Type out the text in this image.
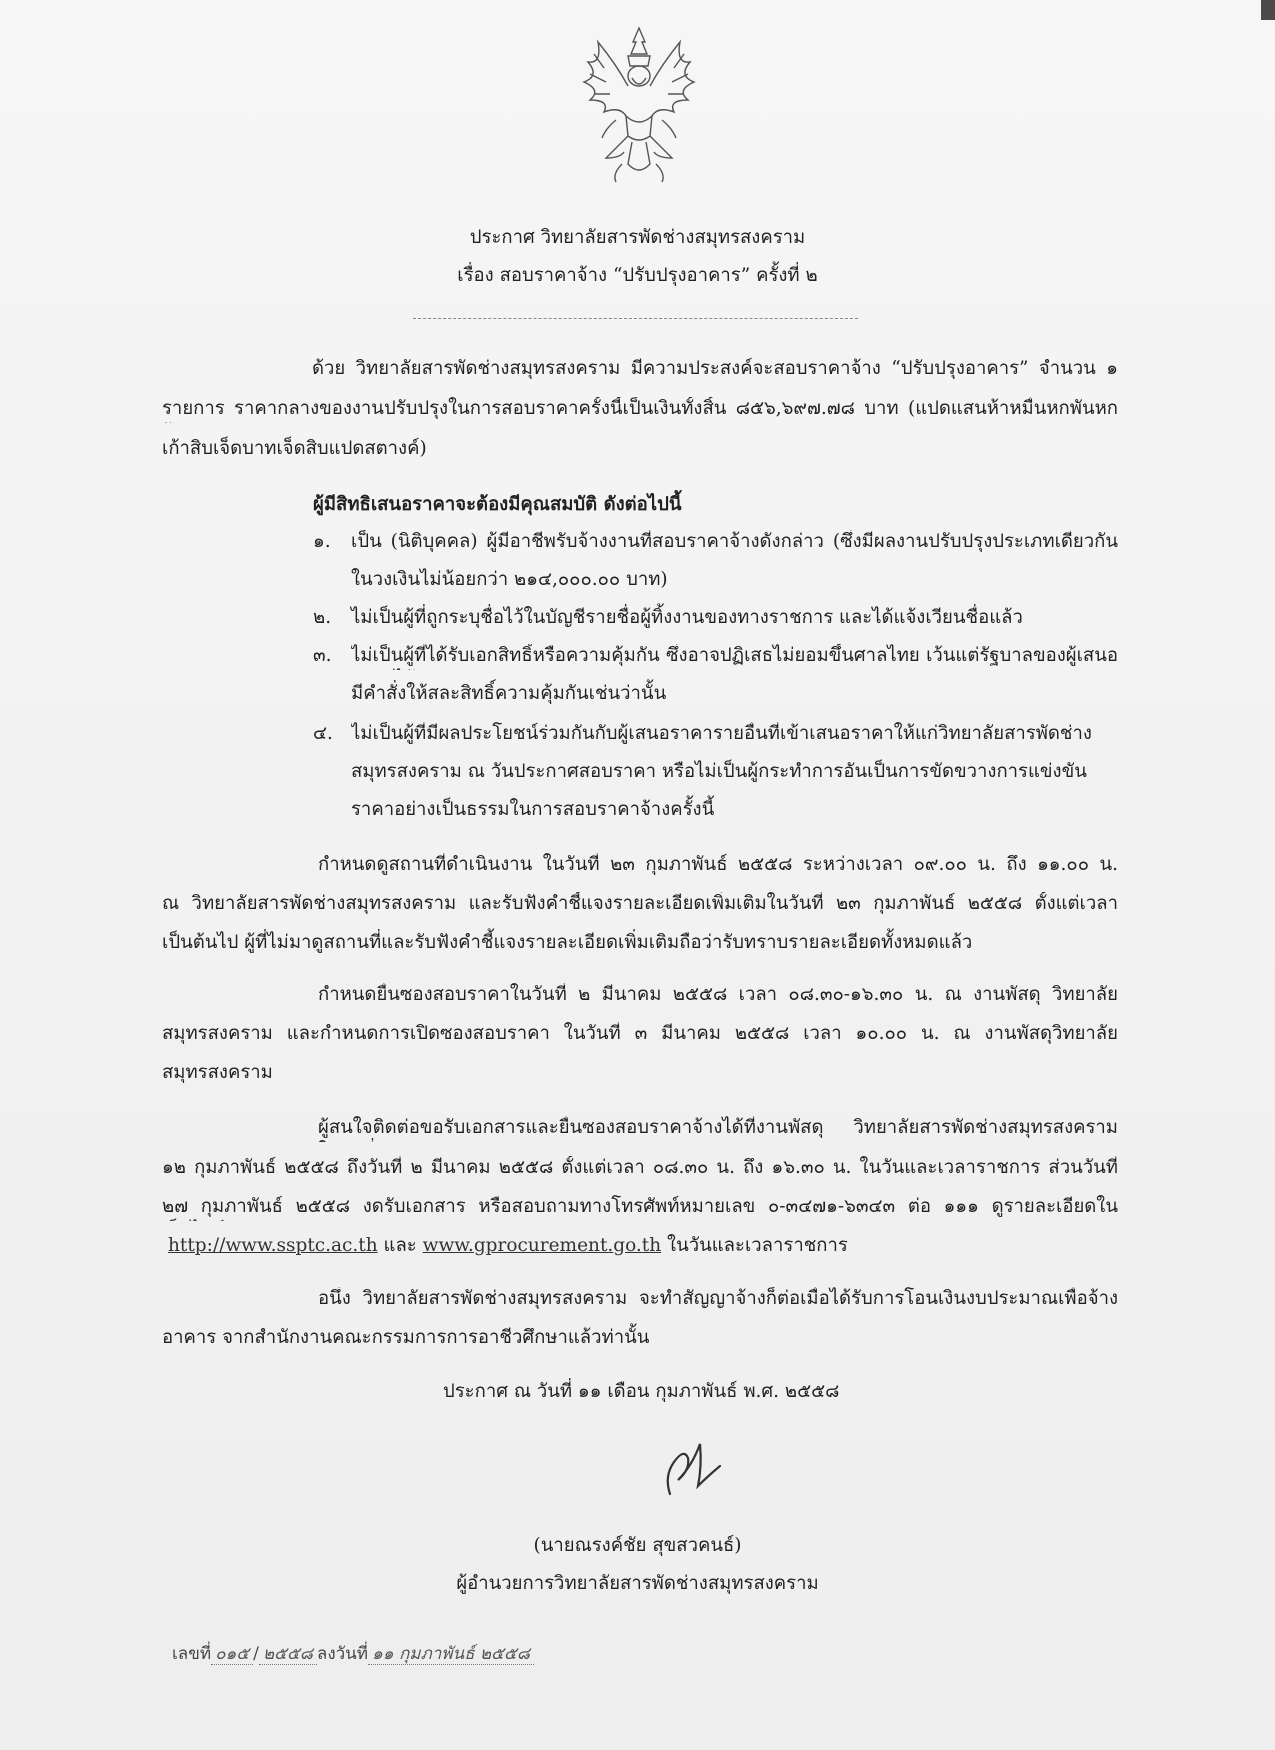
ประกาศ วิทยาลัยสารพัดช่างสมุทรสงคราม
เรื่อง สอบราคาจ้าง “ปรับปรุงอาคาร” ครั้งที่ ๒
ด้วย วิทยาลัยสารพัดช่างสมุทรสงคราม มีความประสงค์จะสอบราคาจ้าง “ปรับปรุงอาคาร” จำนวน ๑
รายการ ราคากลางของงานปรับปรุงในการสอบราคาครั้งนี้เป็นเงินทั้งสิ้น ๘๕๖,๖๙๗.๗๘ บาท (แปดแสนห้าหมื่นหกพันหก
เก้าสิบเจ็ดบาทเจ็ดสิบแปดสตางค์)
ผู้มีสิทธิเสนอราคาจะต้องมีคุณสมบัติ ดังต่อไปนี้
๑. เป็น (นิติบุคคล) ผู้มีอาชีพรับจ้างงานที่สอบราคาจ้างดังกล่าว (ซึ่งมีผลงานปรับปรุงประเภทเดียวกัน
ในวงเงินไม่น้อยกว่า ๒๑๔,๐๐๐.๐๐ บาท)
๒. ไม่เป็นผู้ที่ถูกระบุชื่อไว้ในบัญชีรายชื่อผู้ทิ้งงานของทางราชการ และได้แจ้งเวียนชื่อแล้ว
๓. ไม่เป็นผู้ที่ได้รับเอกสิทธิ์หรือความคุ้มกัน ซึ่งอาจปฏิเสธไม่ยอมขึ้นศาลไทย เว้นแต่รัฐบาลของผู้เสนอ
มีคำสั่งให้สละสิทธิ์ความคุ้มกันเช่นว่านั้น
๔. ไม่เป็นผู้ที่มีผลประโยชน์ร่วมกันกับผู้เสนอราคารายอื่นที่เข้าเสนอราคาให้แก่วิทยาลัยสารพัดช่าง
สมุทรสงคราม ณ วันประกาศสอบราคา หรือไม่เป็นผู้กระทำการอันเป็นการขัดขวางการแข่งขัน
ราคาอย่างเป็นธรรมในการสอบราคาจ้างครั้งนี้
กำหนดดูสถานที่ดำเนินงาน ในวันที่ ๒๓ กุมภาพันธ์ ๒๕๕๘ ระหว่างเวลา ๐๙.๐๐ น. ถึง ๑๑.๐๐ น.
ณ วิทยาลัยสารพัดช่างสมุทรสงคราม และรับฟังคำชี้แจงรายละเอียดเพิ่มเติมในวันที่ ๒๓ กุมภาพันธ์ ๒๕๕๘ ตั้งแต่เวลา
เป็นต้นไป ผู้ที่ไม่มาดูสถานที่และรับฟังคำชี้แจงรายละเอียดเพิ่มเติมถือว่ารับทราบรายละเอียดทั้งหมดแล้ว
กำหนดยื่นซองสอบราคาในวันที่ ๒ มีนาคม ๒๕๕๘ เวลา ๐๘.๓๐-๑๖.๓๐ น. ณ งานพัสดุ วิทยาลัย
สมุทรสงคราม และกำหนดการเปิดซองสอบราคา ในวันที่ ๓ มีนาคม ๒๕๕๘ เวลา ๑๐.๐๐ น. ณ งานพัสดุวิทยาลัย
สมุทรสงคราม
ผู้สนใจติดต่อขอรับเอกสารและยื่นซองสอบราคาจ้างได้ที่งานพัสดุ วิทยาลัยสารพัดช่างสมุทรสงคราม
๑๒ กุมภาพันธ์ ๒๕๕๘ ถึงวันที่ ๒ มีนาคม ๒๕๕๘ ตั้งแต่เวลา ๐๘.๓๐ น. ถึง ๑๖.๓๐ น. ในวันและเวลาราชการ ส่วนวันที่
๒๗ กุมภาพันธ์ ๒๕๕๘ งดรับเอกสาร หรือสอบถามทางโทรศัพท์หมายเลข ๐-๓๔๗๑-๖๓๔๓ ต่อ ๑๑๑ ดูรายละเอียดใน
http://www.ssptc.ac.th และ www.gprocurement.go.th ในวันและเวลาราชการ
อนึ่ง วิทยาลัยสารพัดช่างสมุทรสงคราม จะทำสัญญาจ้างก็ต่อเมื่อได้รับการโอนเงินงบประมาณเพื่อจ้าง
อาคาร จากสำนักงานคณะกรรมการการอาชีวศึกษาแล้วท่านั้น
ประกาศ ณ วันที่ ๑๑ เดือน กุมภาพันธ์ พ.ศ. ๒๕๕๘
(นายณรงค์ชัย สุขสวคนธ์)
ผู้อำนวยการวิทยาลัยสารพัดช่างสมุทรสงคราม
เลขที่ ๐๑๕ / ๒๕๕๘ ลงวันที่ ๑๑ กุมภาพันธ์ ๒๕๕๘
